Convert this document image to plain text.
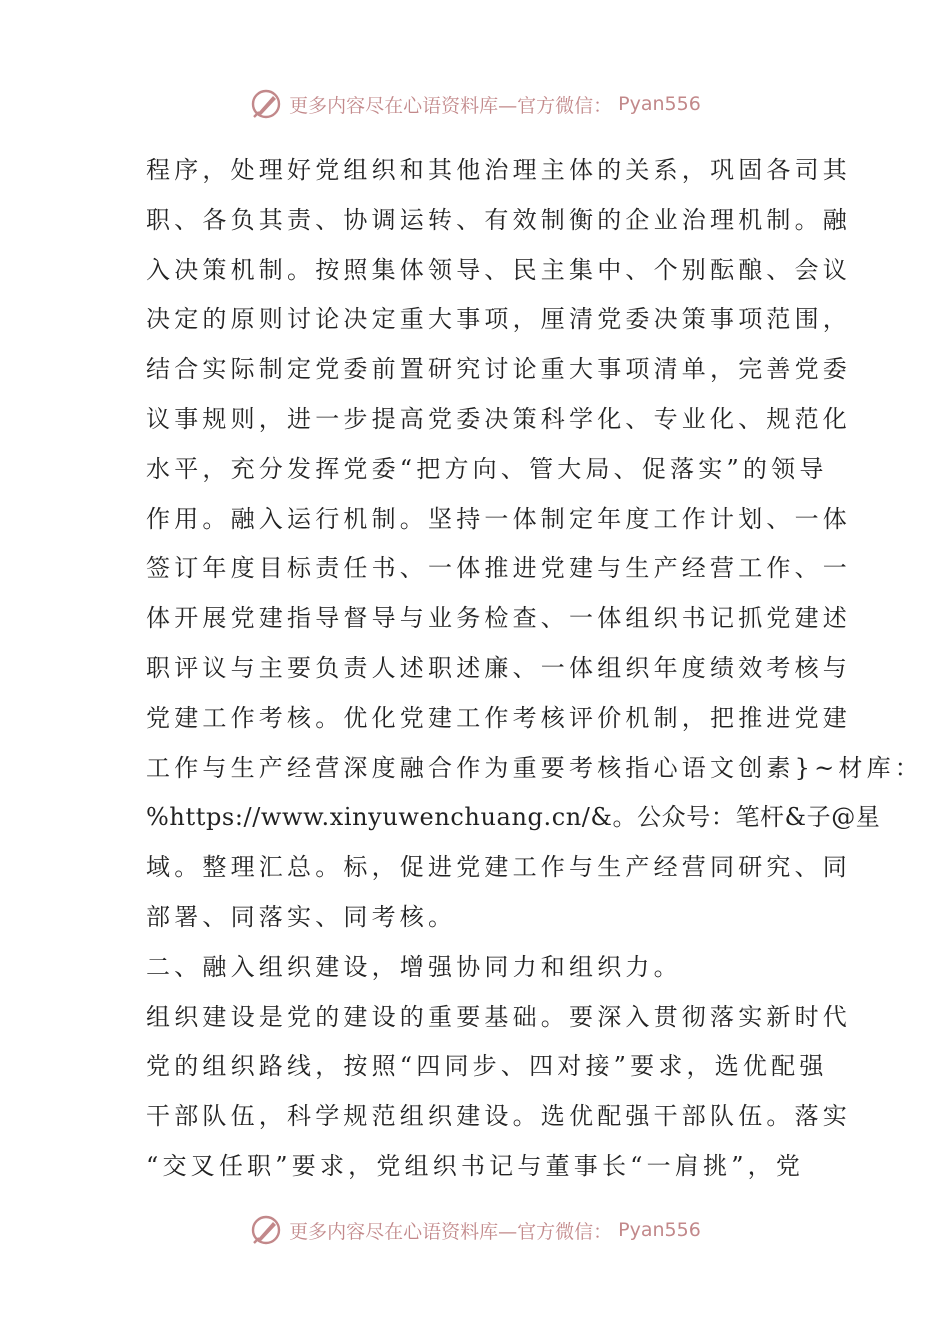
更多内容尽在心语资料库—官方微信： Pyan556
程序，处理好党组织和其他治理主体的关系，巩固各司其
职、各负其责、协调运转、有效制衡的企业治理机制。融
入决策机制。按照集体领导、民主集中、个别酝酿、会议
决定的原则讨论决定重大事项，厘清党委决策事项范围，
结合实际制定党委前置研究讨论重大事项清单，完善党委
议事规则，进一步提高党委决策科学化、专业化、规范化
水平，充分发挥党委“把方向、管大局、促落实”的领导
作用。融入运行机制。坚持一体制定年度工作计划、一体
签订年度目标责任书、一体推进党建与生产经营工作、一
体开展党建指导督导与业务检查、一体组织书记抓党建述
职评议与主要负责人述职述廉、一体组织年度绩效考核与
党建工作考核。优化党建工作考核评价机制，把推进党建
工作与生产经营深度融合作为重要考核指心语文创素}~材库：
%https://www.xinyuwenchuang.cn/&。公众号：笔杆&子@星
域。整理汇总。标，促进党建工作与生产经营同研究、同
部署、同落实、同考核。
二、融入组织建设，增强协同力和组织力。
组织建设是党的建设的重要基础。要深入贯彻落实新时代
党的组织路线，按照“四同步、四对接”要求，选优配强
干部队伍，科学规范组织建设。选优配强干部队伍。落实
“交叉任职”要求，党组织书记与董事长“一肩挑”，党
更多内容尽在心语资料库—官方微信： Pyan556
